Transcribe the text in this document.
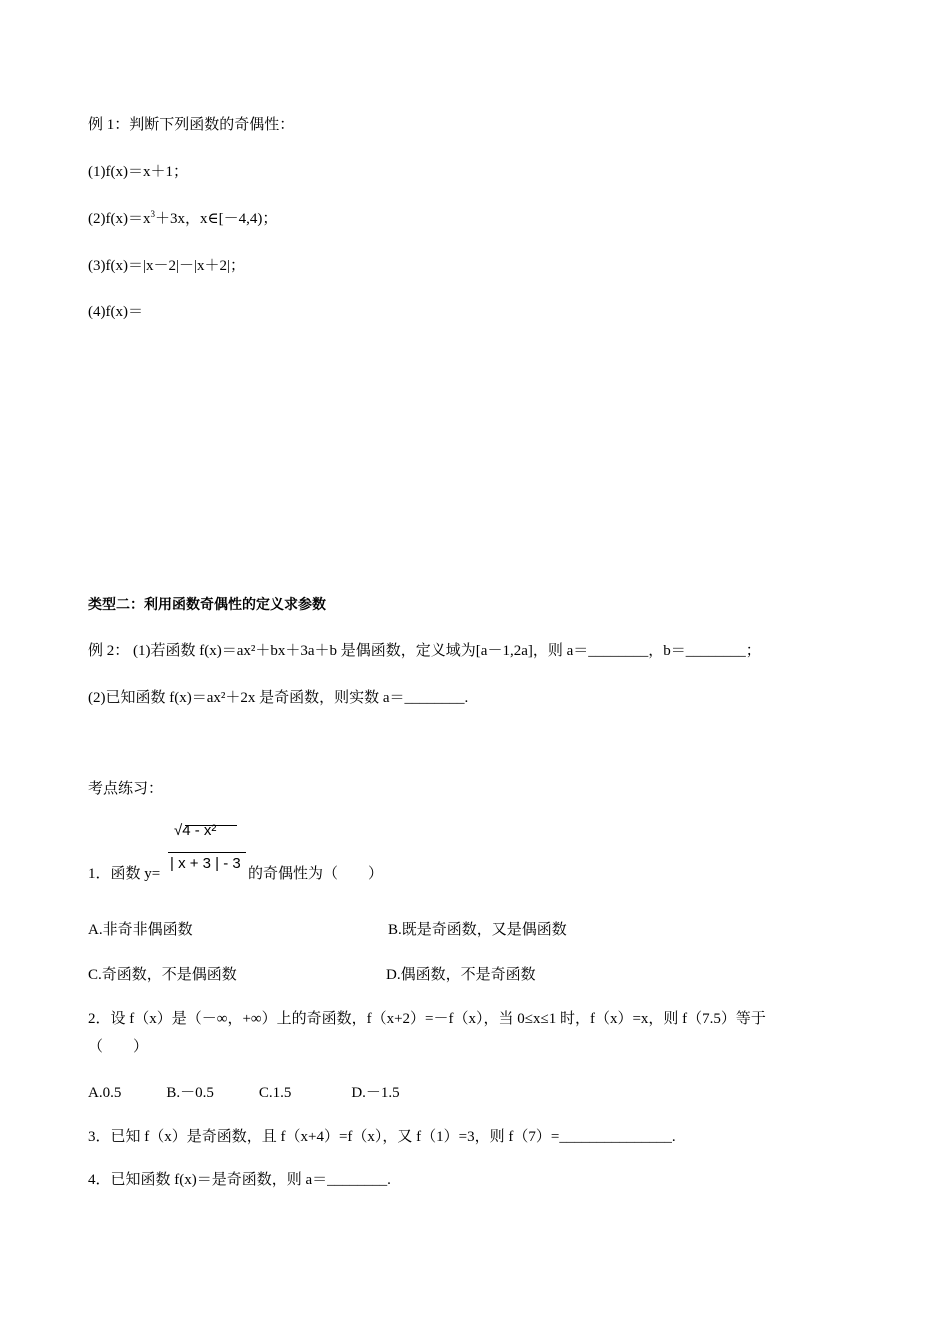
例 1：判断下列函数的奇偶性：
(1)f(x)＝x＋1；
$(2)f(x)=x^3+3x$，x∈[－4,4)；
(3)f(x)＝|x－2|－|x＋2|；
(4)f(x)＝
类型二：利用函数奇偶性的定义求参数
例 2： (1)若函数 f(x)＝ax²＋bx＋3a＋b 是偶函数，定义域为[a－1,2a]，则 a＝________，b＝________；
(2)已知函数 f(x)＝ax²＋2x 是奇函数，则实数 a＝________.
考点练习：
√4 - x²
| x + 3 | - 3
1．函数 y=	的奇偶性为（　　）
A.非奇非偶函数	B.既是奇函数，又是偶函数
C.奇函数，不是偶函数	D.偶函数，不是奇函数
2．设 f（x）是（－∞，+∞）上的奇函数，f（x+2）=－f（x），当 0≤x≤1 时，f（x）=x，则 f（7.5）等于
（　　）
A.0.5　　　B.－0.5　　　C.1.5　　　　D.－1.5
3．已知 f（x）是奇函数，且 f（x+4）=f（x），又 f（1）=3，则 f（7）=_______________.
4．已知函数 f(x)＝是奇函数，则 a＝________.
